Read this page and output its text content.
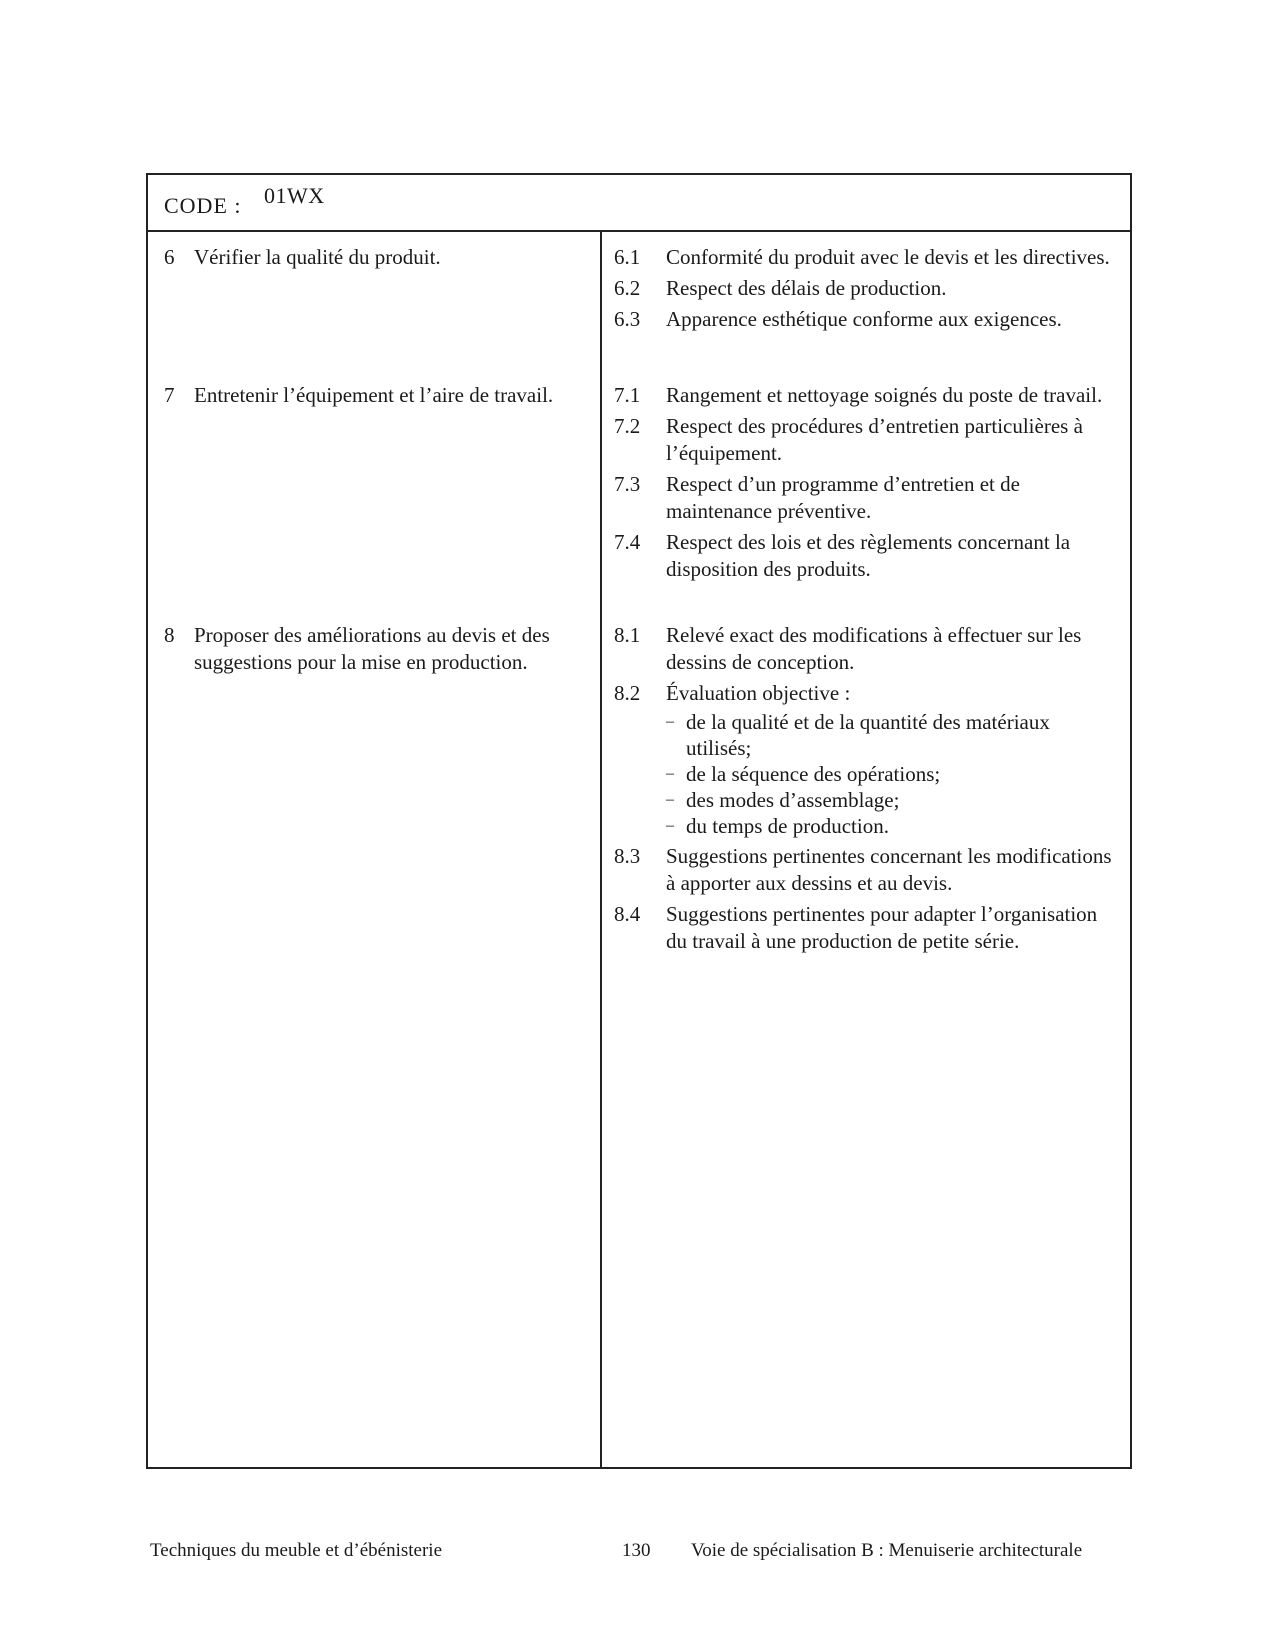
CODE : 01WX
6 Vérifier la qualité du produit.
7 Entretenir l’équipement et l’aire de travail.
8 Proposer des améliorations au devis et des suggestions pour la mise en production.
6.1 Conformité du produit avec le devis et les directives.
6.2 Respect des délais de production.
6.3 Apparence esthétique conforme aux exigences.
7.1 Rangement et nettoyage soignés du poste de travail.
7.2 Respect des procédures d’entretien particulières à l’équipement.
7.3 Respect d’un programme d’entretien et de maintenance préventive.
7.4 Respect des lois et des règlements concernant la disposition des produits.
8.1 Relevé exact des modifications à effectuer sur les dessins de conception.
8.2 Évaluation objective :
– de la qualité et de la quantité des matériaux utilisés;
– de la séquence des opérations;
– des modes d’assemblage;
– du temps de production.
8.3 Suggestions pertinentes concernant les modifications à apporter aux dessins et au devis.
8.4 Suggestions pertinentes pour adapter l’organisation du travail à une production de petite série.
Techniques du meuble et d’ébénisterie	130 Voie de spécialisation B : Menuiserie architecturale
